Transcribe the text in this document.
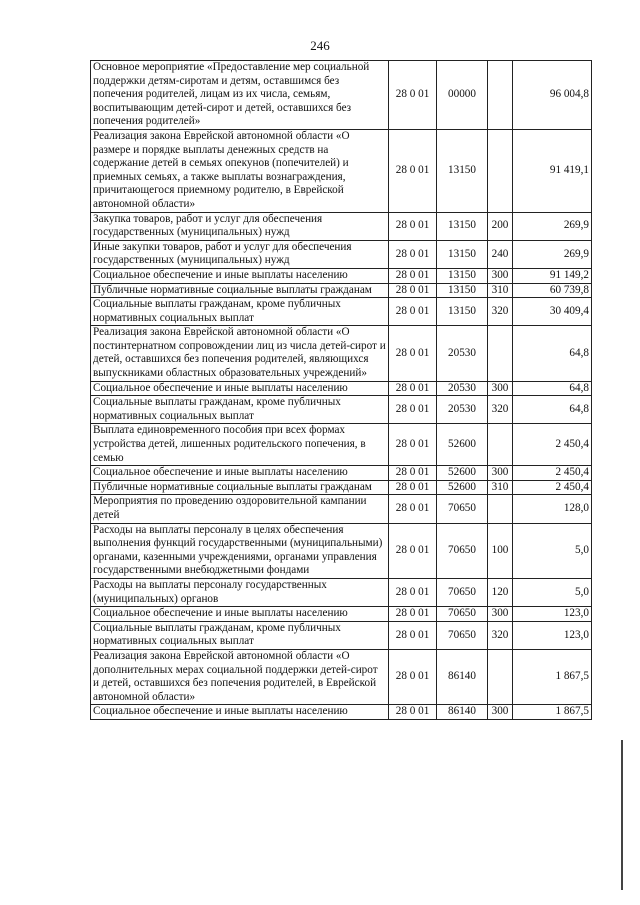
246
Основное мероприятие «Предоставление мер социальной поддержки детям-сиротам и детям, оставшимся без попечения родителей, лицам из их числа, семьям, воспитывающим детей-сирот и детей, оставшихся без попечения родителей»	28 0 01	00000		96 004,8
Реализация закона Еврейской автономной области «О размере и порядке выплаты денежных средств на содержание детей в семьях опекунов (попечителей) и приемных семьях, а также выплаты вознаграждения, причитающегося приемному родителю, в Еврейской автономной области»	28 0 01	13150		91 419,1
Закупка товаров, работ и услуг для обеспечения государственных (муниципальных) нужд	28 0 01	13150	200	269,9
Иные закупки товаров, работ и услуг для обеспечения государственных (муниципальных) нужд	28 0 01	13150	240	269,9
Социальное обеспечение и иные выплаты населению	28 0 01	13150	300	91 149,2
Публичные нормативные социальные выплаты гражданам	28 0 01	13150	310	60 739,8
Социальные выплаты гражданам, кроме публичных нормативных социальных выплат	28 0 01	13150	320	30 409,4
Реализация закона Еврейской автономной области «О постинтернатном сопровождении лиц из числа детей-сирот и детей, оставшихся без попечения родителей, являющихся выпускниками областных образовательных учреждений»	28 0 01	20530		64,8
Социальное обеспечение и иные выплаты населению	28 0 01	20530	300	64,8
Социальные выплаты гражданам, кроме публичных нормативных социальных выплат	28 0 01	20530	320	64,8
Выплата единовременного пособия при всех формах устройства детей, лишенных родительского попечения, в семью	28 0 01	52600		2 450,4
Социальное обеспечение и иные выплаты населению	28 0 01	52600	300	2 450,4
Публичные нормативные социальные выплаты гражданам	28 0 01	52600	310	2 450,4
Мероприятия по проведению оздоровительной кампании детей	28 0 01	70650		128,0
Расходы на выплаты персоналу в целях обеспечения выполнения функций государственными (муниципальными) органами, казенными учреждениями, органами управления государственными внебюджетными фондами	28 0 01	70650	100	5,0
Расходы на выплаты персоналу государственных (муниципальных) органов	28 0 01	70650	120	5,0
Социальное обеспечение и иные выплаты населению	28 0 01	70650	300	123,0
Социальные выплаты гражданам, кроме публичных нормативных социальных выплат	28 0 01	70650	320	123,0
Реализация закона Еврейской автономной области «О дополнительных мерах социальной поддержки детей-сирот и детей, оставшихся без попечения родителей, в Еврейской автономной области»	28 0 01	86140		1 867,5
Социальное обеспечение и иные выплаты населению	28 0 01	86140	300	1 867,5
